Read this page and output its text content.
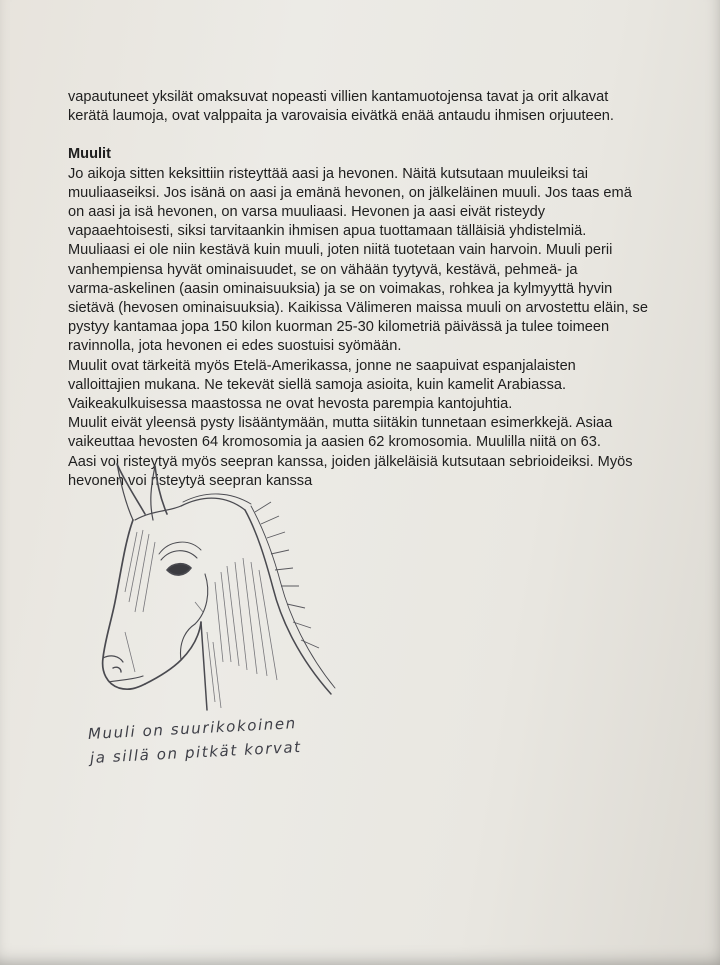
vapautuneet yksilät omaksuvat nopeasti villien kantamuotojensa tavat ja orit alkavat
kerätä laumoja, ovat valppaita ja varovaisia eivätkä enää antaudu ihmisen orjuuteen.
Muulit
Jo aikoja sitten keksittiin risteyttää aasi ja hevonen. Näitä kutsutaan muuleiksi tai
muuliaaseiksi. Jos isänä on aasi ja emänä hevonen, on jälkeläinen muuli. Jos taas emä
on aasi ja isä hevonen, on varsa muuliaasi. Hevonen ja aasi eivät risteydy
vapaaehtoisesti, siksi tarvitaankin ihmisen apua tuottamaan tälläisiä yhdistelmiä.
Muuliaasi ei ole niin kestävä kuin muuli, joten niitä tuotetaan vain harvoin. Muuli perii
vanhempiensa hyvät ominaisuudet, se on vähään tyytyvä, kestävä, pehmeä- ja
varma-askelinen (aasin ominaisuuksia) ja se on voimakas, rohkea ja kylmyyttä hyvin
sietävä (hevosen ominaisuuksia). Kaikissa Välimeren maissa muuli on arvostettu eläin, se
pystyy kantamaa jopa 150 kilon kuorman 25-30 kilometriä päivässä ja tulee toimeen
ravinnolla, jota hevonen ei edes suostuisi syömään.
Muulit ovat tärkeitä myös Etelä-Amerikassa, jonne ne saapuivat espanjalaisten
valloittajien mukana. Ne tekevät siellä samoja asioita, kuin kamelit Arabiassa.
Vaikeakulkuisessa maastossa ne ovat hevosta parempia kantojuhtia.
Muulit eivät yleensä pysty lisääntymään, mutta siitäkin tunnetaan esimerkkejä. Asiaa
vaikeuttaa hevosten 64 kromosomia ja aasien 62 kromosomia. Muulilla niitä on 63.
Aasi voi risteytyä myös seepran kanssa, joiden jälkeläisiä kutsutaan sebrioideiksi. Myös
hevonen voi risteytyä seepran kanssa
Muuli on suurikokoinen
ja sillä on pitkät korvat
